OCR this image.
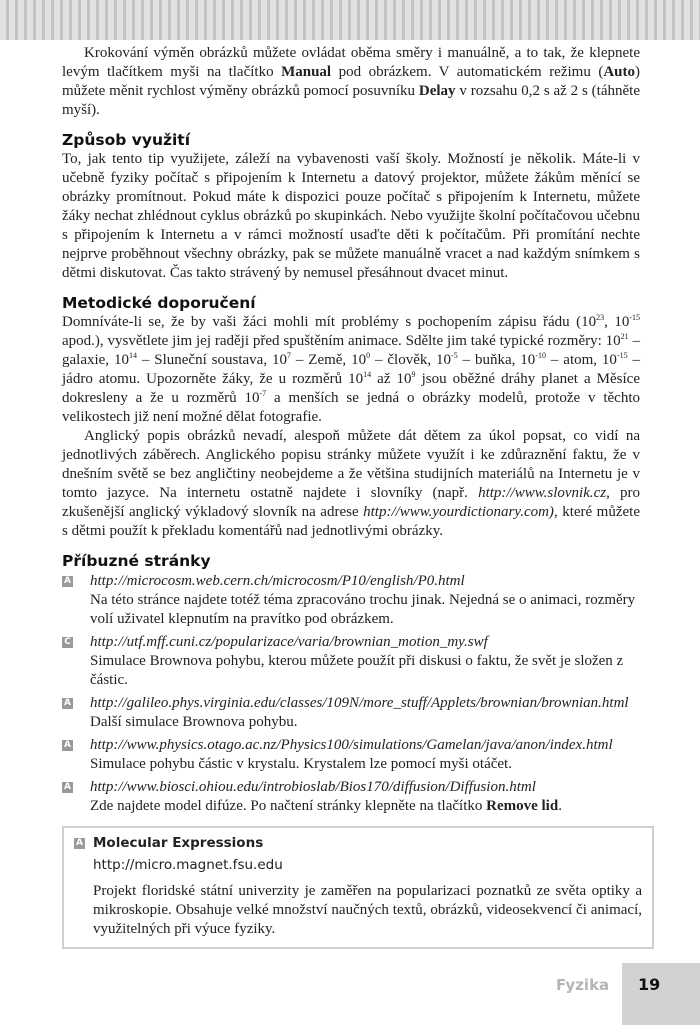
Krokování výměn obrázků můžete ovládat oběma směry i manuálně, a to tak, že klepnete levým tlačítkem myši na tlačítko Manual pod obrázkem. V automatickém režimu (Auto) můžete měnit rychlost výměny obrázků pomocí posuvníku Delay v rozsahu 0,2 s až 2 s (táhněte myší).

Způsob využití

To, jak tento tip využijete, záleží na vybavenosti vaší školy. Možností je několik. Máte-li v učebně fyziky počítač s připojením k Internetu a datový projektor, můžete žákům měnící se obrázky promítnout. Pokud máte k dispozici pouze počítač s připojením k Internetu, můžete žáky nechat zhlédnout cyklus obrázků po skupinkách. Nebo využijte školní počítačovou učebnu s připojením k Internetu a v rámci možností usaďte děti k počítačům. Při promítání nechte nejprve proběhnout všechny obrázky, pak se můžete manuálně vracet a nad každým snímkem s dětmi diskutovat. Čas takto strávený by nemusel přesáhnout dvacet minut.

Metodické doporučení

Domníváte-li se, že by vaši žáci mohli mít problémy s pochopením zápisu řádu ($10^{23}$, $10^{-15}$ apod.), vysvětlete jim jej raději před spuštěním animace. Sdělte jim také typické rozměry: $10^{21}$ – galaxie, $10^{14}$ – Sluneční soustava, $10^7$ – Země, $10^0$ – člověk, $10^{-5}$ – buňka, $10^{-10}$ – atom, $10^{-15}$ – jádro atomu. Upozorněte žáky, že u rozměrů $10^{14}$ až $10^9$ jsou oběžné dráhy planet a Měsíce dokresleny a že u rozměrů $10^{-7}$ a menších se jedná o obrázky modelů, protože v těchto velikostech již není možné dělat fotografie.

Anglický popis obrázků nevadí, alespoň můžete dát dětem za úkol popsat, co vidí na jednotlivých záběrech. Anglického popisu stránky můžete využít i ke zdůraznění faktu, že v dnešním světě se bez angličtiny neobejdeme a že většina studijních materiálů na Internetu je v tomto jazyce. Na internetu ostatně najdete i slovníky (např. http://www.slovnik.cz, pro zkušenější anglický výkladový slovník na adrese http://www.yourdictionary.com), které můžete s dětmi použít k překladu komentářů nad jednotlivými obrázky.

Příbuzné stránky
A http://microcosm.web.cern.ch/microcosm/P10/english/P0.html
Na této stránce najdete totéž téma zpracováno trochu jinak. Nejedná se o animaci, rozměry volí uživatel klepnutím na pravítko pod obrázkem.
Č http://utf.mff.cuni.cz/popularizace/varia/brownian_motion_my.swf
Simulace Brownova pohybu, kterou můžete použít při diskusi o faktu, že svět je složen z částic.
A http://galileo.phys.virginia.edu/classes/109N/more_stuff/Applets/brownian/brownian.html
Další simulace Brownova pohybu.
A http://www.physics.otago.ac.nz/Physics100/simulations/Gamelan/java/anon/index.html
Simulace pohybu částic v krystalu. Krystalem lze pomocí myši otáčet.
A http://www.biosci.ohiou.edu/introbioslab/Bios170/diffusion/Diffusion.html
Zde najdete model difúze. Po načtení stránky klepněte na tlačítko Remove lid.
A Molecular Expressions
http://micro.magnet.fsu.edu

Projekt floridské státní univerzity je zaměřen na popularizaci poznatků ze světa optiky a mikroskopie. Obsahuje velké množství naučných textů, obrázků, videosekvencí či animací, využitelných při výuce fyziky.

Fyzika 19
